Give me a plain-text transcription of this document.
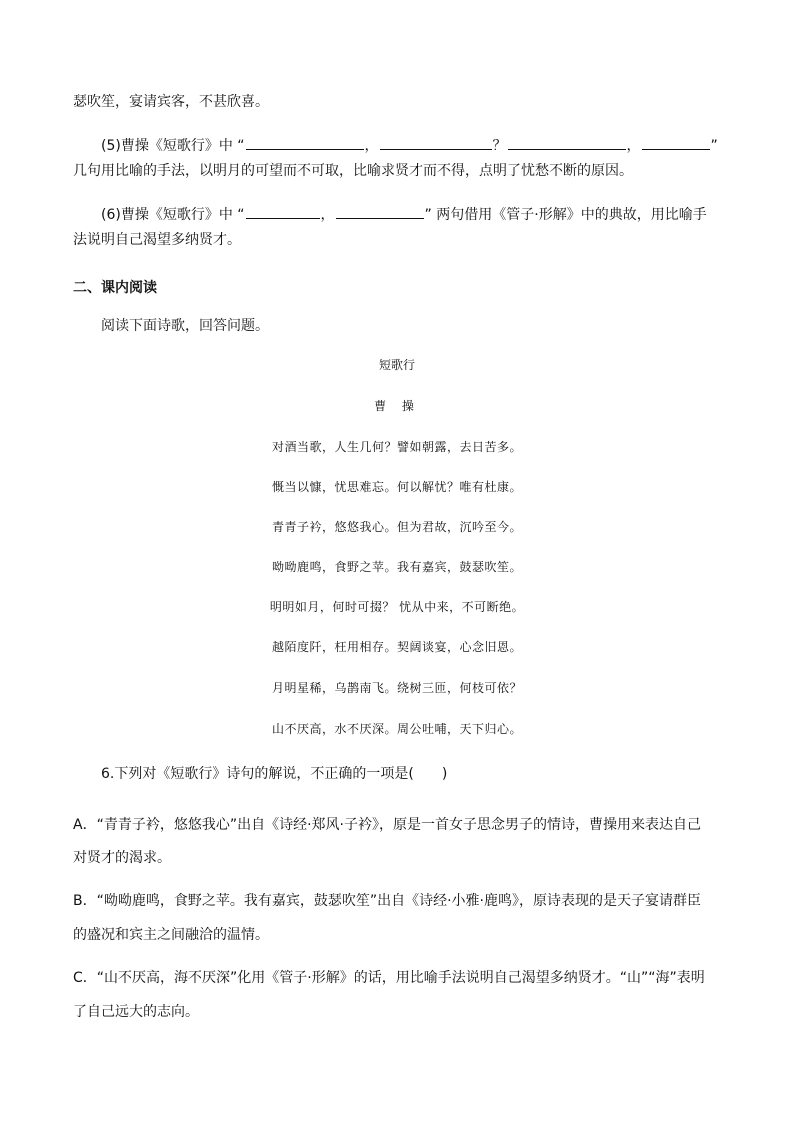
瑟吹笙，宴请宾客，不甚欣喜。
(5)曹操《短歌行》中 “	，	？	，	”
几句用比喻的手法，以明月的可望而不可取，比喻求贤才而不得，点明了忧愁不断的原因。
(6)曹操《短歌行》中 “	，	” 两句借用《管子·形解》中的典故，用比喻手
法说明自己渴望多纳贤才。
二、课内阅读
阅读下面诗歌，回答问题。
短歌行
曹 操
对酒当歌，人生几何？譬如朝露，去日苦多。
慨当以慷，忧思难忘。何以解忧？唯有杜康。
青青子衿，悠悠我心。但为君故，沉吟至今。
呦呦鹿鸣，食野之苹。我有嘉宾，鼓瑟吹笙。
明明如月，何时可掇？ 忧从中来，不可断绝。
越陌度阡，枉用相存。契阔谈宴，心念旧恩。
月明星稀，乌鹊南飞。绕树三匝，何枝可依？
山不厌高，水不厌深。周公吐哺，天下归心。
6.下列对《短歌行》诗句的解说，不正确的一项是(　　)
A．“青青子衿，悠悠我心”出自《诗经·郑风·子衿》，原是一首女子思念男子的情诗，曹操用来表达自己
对贤才的渴求。
B．“呦呦鹿鸣，食野之苹。我有嘉宾，鼓瑟吹笙”出自《诗经·小雅·鹿鸣》，原诗表现的是天子宴请群臣
的盛况和宾主之间融洽的温情。
C．“山不厌高，海不厌深”化用《管子·形解》的话，用比喻手法说明自己渴望多纳贤才。“山”“海”表明
了自己远大的志向。
